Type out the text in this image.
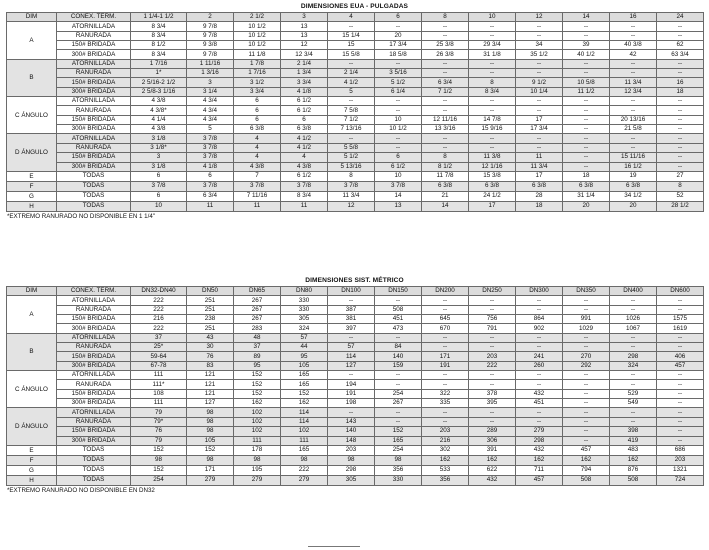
DIMENSIONES EUA - PULGADAS
DIM	CONEX. TERM.	1 1/4-1 1/2	2	2 1/2	3	4	6	8	10	12	14	16	24
A	ATORNILLADA	8 3/4	9 7/8	10 1/2	13	--	--	--	--	--	--	--	--
	RANURADA	8 3/4	9 7/8	10 1/2	13	15 1/4	20	--	--	--	--	--	--
	150# BRIDADA	8 1/2	9 3/8	10 1/2	12	15	17 3/4	25 3/8	29 3/4	34	39	40 3/8	62
	300# BRIDADA	8 3/4	9 7/8	11 1/8	12 3/4	15 5/8	18 5/8	26 3/8	31 1/8	35 1/2	40 1/2	42	63 3/4
B	ATORNILLADA	1 7/16	1 11/16	1 7/8	2 1/4	--	--	--	--	--	--	--	--
	RANURADA	1*	1 3/16	1 7/16	1 3/4	2 1/4	3 5/16	--	--	--	--	--	--
	150# BRIDADA	2 5/16-2 1/2	3	3 1/2	3 3/4	4 1/2	5 1/2	6 3/4	8	9 1/2	10 5/8	11 3/4	16
	300# BRIDADA	2 5/8-3 1/16	3 1/4	3 3/4	4 1/8	5	6 1/4	7 1/2	8 3/4	10 1/4	11 1/2	12 3/4	18
C ÁNGULO	ATORNILLADA	4 3/8	4 3/4	6	6 1/2	--	--	--	--	--	--	--	--
	RANURADA	4 3/8*	4 3/4	6	6 1/2	7 5/8	--	--	--	--	--	--	--
	150# BRIDADA	4 1/4	4 3/4	6	6	7 1/2	10	12 11/16	14 7/8	17	--	20 13/16	--
	300# BRIDADA	4 3/8	5	6 3/8	6 3/8	7 13/16	10 1/2	13 3/16	15 9/16	17 3/4	--	21 5/8	--
D ÁNGULO	ATORNILLADA	3 1/8	3 7/8	4	4 1/2	--	--	--	--	--	--	--	--
	RANURADA	3 1/8*	3 7/8	4	4 1/2	5 5/8	--	--	--	--	--	--	--
	150# BRIDADA	3	3 7/8	4	4	5 1/2	6	8	11 3/8	11	--	15 11/16	--
	300# BRIDADA	3 1/8	4 1/8	4 3/8	4 3/8	5 13/16	6 1/2	8 1/2	12 1/16	11 3/4	--	16 1/2	--
E	TODAS	6	6	7	6 1/2	8	10	11 7/8	15 3/8	17	18	19	27
F	TODAS	3 7/8	3 7/8	3 7/8	3 7/8	3 7/8	3 7/8	6 3/8	6 3/8	6 3/8	6 3/8	6 3/8	8
G	TODAS	6	6 3/4	7 11/16	8 3/4	11 3/4	14	21	24 1/2	28	31 1/4	34 1/2	52
H	TODAS	10	11	11	11	12	13	14	17	18	20	20	28 1/2
*EXTREMO RANURADO NO DISPONIBLE EN 1 1/4"
DIMENSIONES SIST. MÉTRICO
DIM	CONEX. TERM.	DN32-DN40	DN50	DN65	DN80	DN100	DN150	DN200	DN250	DN300	DN350	DN400	DN600
A	ATORNILLADA	222	251	267	330	--	--	--	--	--	--	--	--
	RANURADA	222	251	267	330	387	508	--	--	--	--	--	--
	150# BRIDADA	216	238	267	305	381	451	645	756	864	991	1026	1575
	300# BRIDADA	222	251	283	324	397	473	670	791	902	1029	1067	1619
B	ATORNILLADA	37	43	48	57	--	--	--	--	--	--	--	--
	RANURADA	25*	30	37	44	57	84	--	--	--	--	--	--
	150# BRIDADA	59-64	76	89	95	114	140	171	203	241	270	298	406
	300# BRIDADA	67-78	83	95	105	127	159	191	222	260	292	324	457
C ÁNGULO	ATORNILLADA	111	121	152	165	--	--	--	--	--	--	--	--
	RANURADA	111*	121	152	165	194	--	--	--	--	--	--	--
	150# BRIDADA	108	121	152	152	191	254	322	378	432	--	529	--
	300# BRIDADA	111	127	162	162	198	267	335	395	451	--	549	--
D ÁNGULO	ATORNILLADA	79	98	102	114	--	--	--	--	--	--	--	--
	RANURADA	79*	98	102	114	143	--	--	--	--	--	--	--
	150# BRIDADA	76	98	102	102	140	152	203	289	279	--	398	--
	300# BRIDADA	79	105	111	111	148	165	216	306	298	--	419	--
E	TODAS	152	152	178	165	203	254	302	391	432	457	483	686
F	TODAS	98	98	98	98	98	98	162	162	162	162	162	203
G	TODAS	152	171	195	222	298	356	533	622	711	794	876	1321
H	TODAS	254	279	279	279	305	330	356	432	457	508	508	724
*EXTREMO RANURADO NO DISPONIBLE EN DN32
